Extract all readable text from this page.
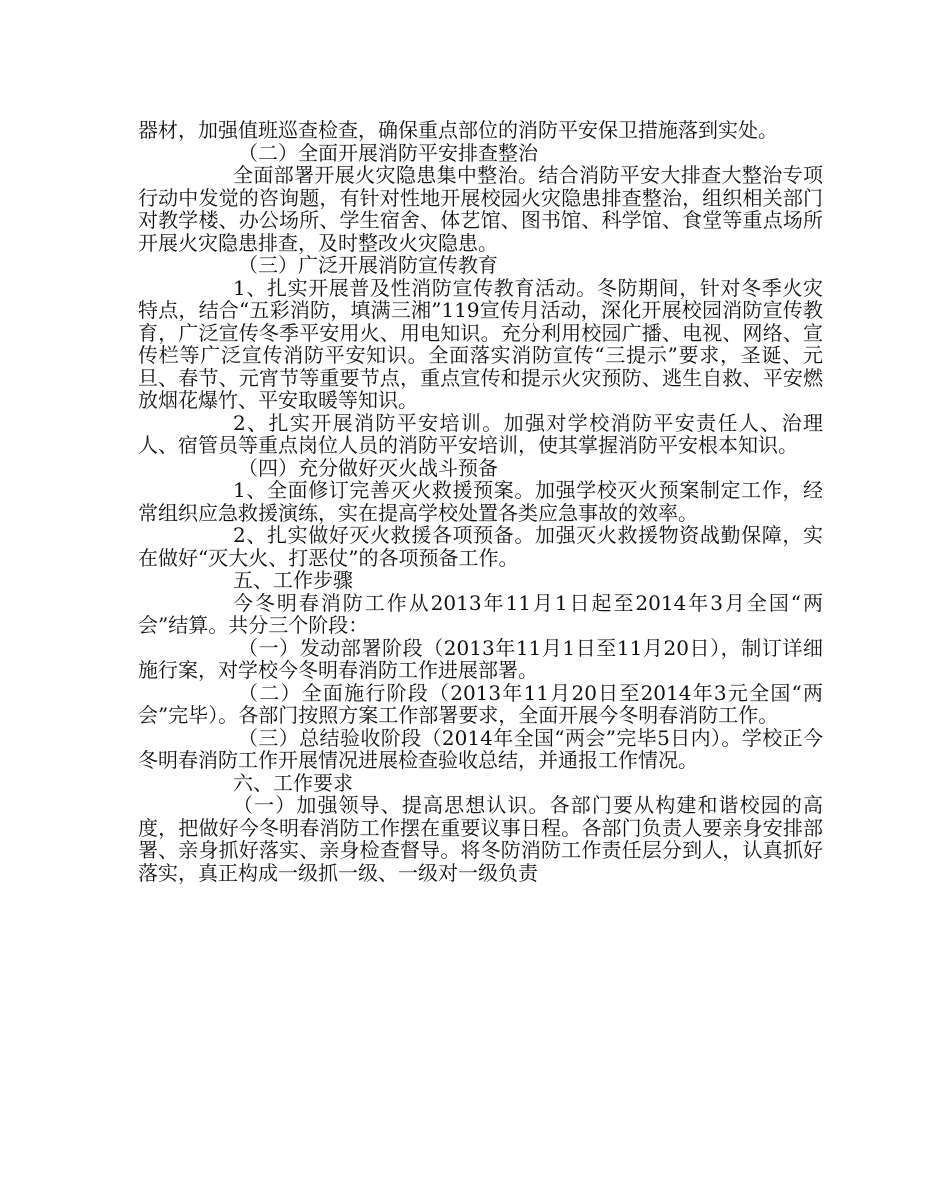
器材，加强值班巡查检查，确保重点部位的消防平安保卫措施落到实处。

（二）全面开展消防平安排查整治

全面部署开展火灾隐患集中整治。结合消防平安大排查大整治专项行动中发觉的咨询题，有针对性地开展校园火灾隐患排查整治，组织相关部门对教学楼、办公场所、学生宿舍、体艺馆、图书馆、科学馆、食堂等重点场所开展火灾隐患排查，及时整改火灾隐患。

（三）广泛开展消防宣传教育

1、扎实开展普及性消防宣传教育活动。冬防期间，针对冬季火灾特点，结合“五彩消防，填满三湘”119宣传月活动，深化开展校园消防宣传教育，广泛宣传冬季平安用火、用电知识。充分利用校园广播、电视、网络、宣传栏等广泛宣传消防平安知识。全面落实消防宣传“三提示”要求，圣诞、元旦、春节、元宵节等重要节点，重点宣传和提示火灾预防、逃生自救、平安燃放烟花爆竹、平安取暖等知识。

2、扎实开展消防平安培训。加强对学校消防平安责任人、治理人、宿管员等重点岗位人员的消防平安培训，使其掌握消防平安根本知识。

（四）充分做好灭火战斗预备

1、全面修订完善灭火救援预案。加强学校灭火预案制定工作，经常组织应急救援演练，实在提高学校处置各类应急事故的效率。

2、扎实做好灭火救援各项预备。加强灭火救援物资战勤保障，实在做好“灭大火、打恶仗”的各项预备工作。

五、工作步骤

今冬明春消防工作从2013年11月1日起至2014年3月全国“两会”结算。共分三个阶段：

（一）发动部署阶段（2013年11月1日至11月20日），制订详细施行案，对学校今冬明春消防工作进展部署。

（二）全面施行阶段（2013年11月20日至2014年3元全国“两会”完毕）。各部门按照方案工作部署要求，全面开展今冬明春消防工作。

（三）总结验收阶段（2014年全国“两会”完毕5日内）。学校正今冬明春消防工作开展情况进展检查验收总结，并通报工作情况。

六、工作要求

（一）加强领导、提高思想认识。各部门要从构建和谐校园的高度，把做好今冬明春消防工作摆在重要议事日程。各部门负责人要亲身安排部署、亲身抓好落实、亲身检查督导。将冬防消防工作责任层分到人，认真抓好落实，真正构成一级抓一级、一级对一级负责
